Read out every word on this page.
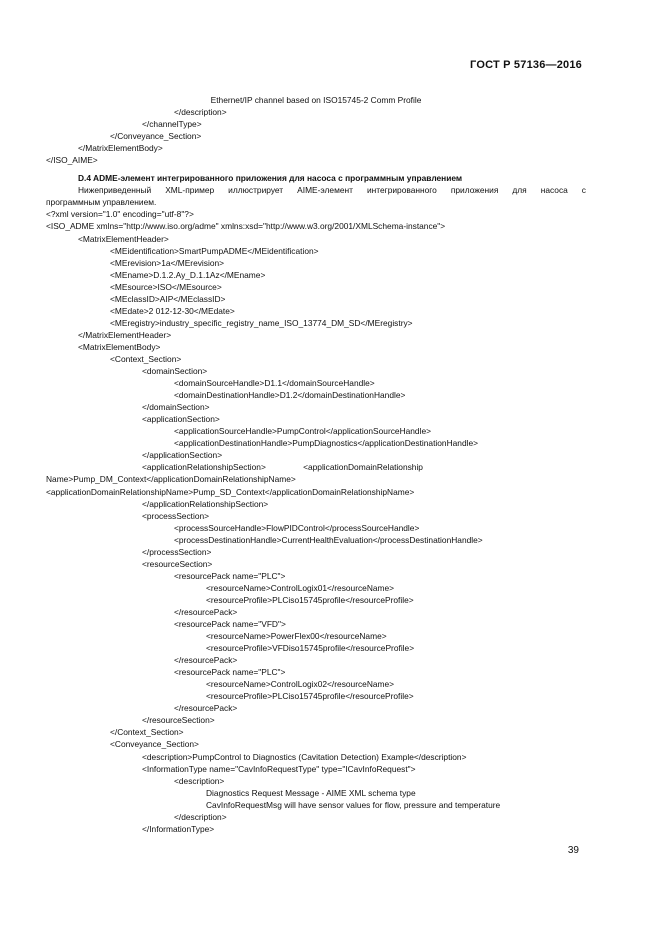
ГОСТ Р 57136—2016
Ethernet/IP channel based on ISO15745-2 Comm Profile
</description>
</channelType>
</Conveyance_Section>
</MatrixElementBody>
</ISO_AIME>
D.4 ADME-элемент интегрированного приложения для насоса с программным управлением
Нижеприведенный XML-пример иллюстрирует AIME-элемент интегрированного приложения для насоса с
программным управлением.
<?xml version="1.0" encoding="utf-8"?>
<ISO_ADME xmlns="http://www.iso.org/adme" xmlns:xsd="http://www.w3.org/2001/XMLSchema-instance">
<MatrixElementHeader>
<MEidentification>SmartPumpADME</MEidentification>
<MErevision>1a</MErevision>
<MEname>D.1.2.Ay_D.1.1Az</MEname>
<MEsource>ISO</MEsource>
<MEclassID>AIP</MEclassID>
<MEdate>2 012-12-30</MEdate>
<MEregistry>industry_specific_registry_name_ISO_13774_DM_SD</MEregistry>
</MatrixElementHeader>
<MatrixElementBody>
<Context_Section>
<domainSection>
<domainSourceHandle>D1.1</domainSourceHandle>
<domainDestinationHandle>D1.2</domainDestinationHandle>
</domainSection>
<applicationSection>
<applicationSourceHandle>PumpControl</applicationSourceHandle>
<applicationDestinationHandle>PumpDiagnostics</applicationDestinationHandle>
</applicationSection>
<applicationRelationshipSection>                <applicationDomainRelationship
Name>Pump_DM_Context</applicationDomainRelationshipName>
<applicationDomainRelationshipName>Pump_SD_Context</applicationDomainRelationshipName>
</applicationRelationshipSection>
<processSection>
<processSourceHandle>FlowPIDControl</processSourceHandle>
<processDestinationHandle>CurrentHealthEvaluation</processDestinationHandle>
</processSection>
<resourceSection>
<resourcePack name="PLC">
<resourceName>ControlLogix01</resourceName>
<resourceProfile>PLCiso15745profile</resourceProfile>
</resourcePack>
<resourcePack name="VFD">
<resourceName>PowerFlex00</resourceName>
<resourceProfile>VFDiso15745profile</resourceProfile>
</resourcePack>
<resourcePack name="PLC">
<resourceName>ControlLogix02</resourceName>
<resourceProfile>PLCiso15745profile</resourceProfile>
</resourcePack>
</resourceSection>
</Context_Section>
<Conveyance_Section>
<description>PumpControl to Diagnostics (Cavitation Detection) Example</description>
<InformationType name="CavInfoRequestType" type="ICavInfoRequest">
<description>
Diagnostics Request Message - AIME XML schema type
CavInfoRequestMsg will have sensor values for flow, pressure and temperature
</description>
</InformationType>
39
